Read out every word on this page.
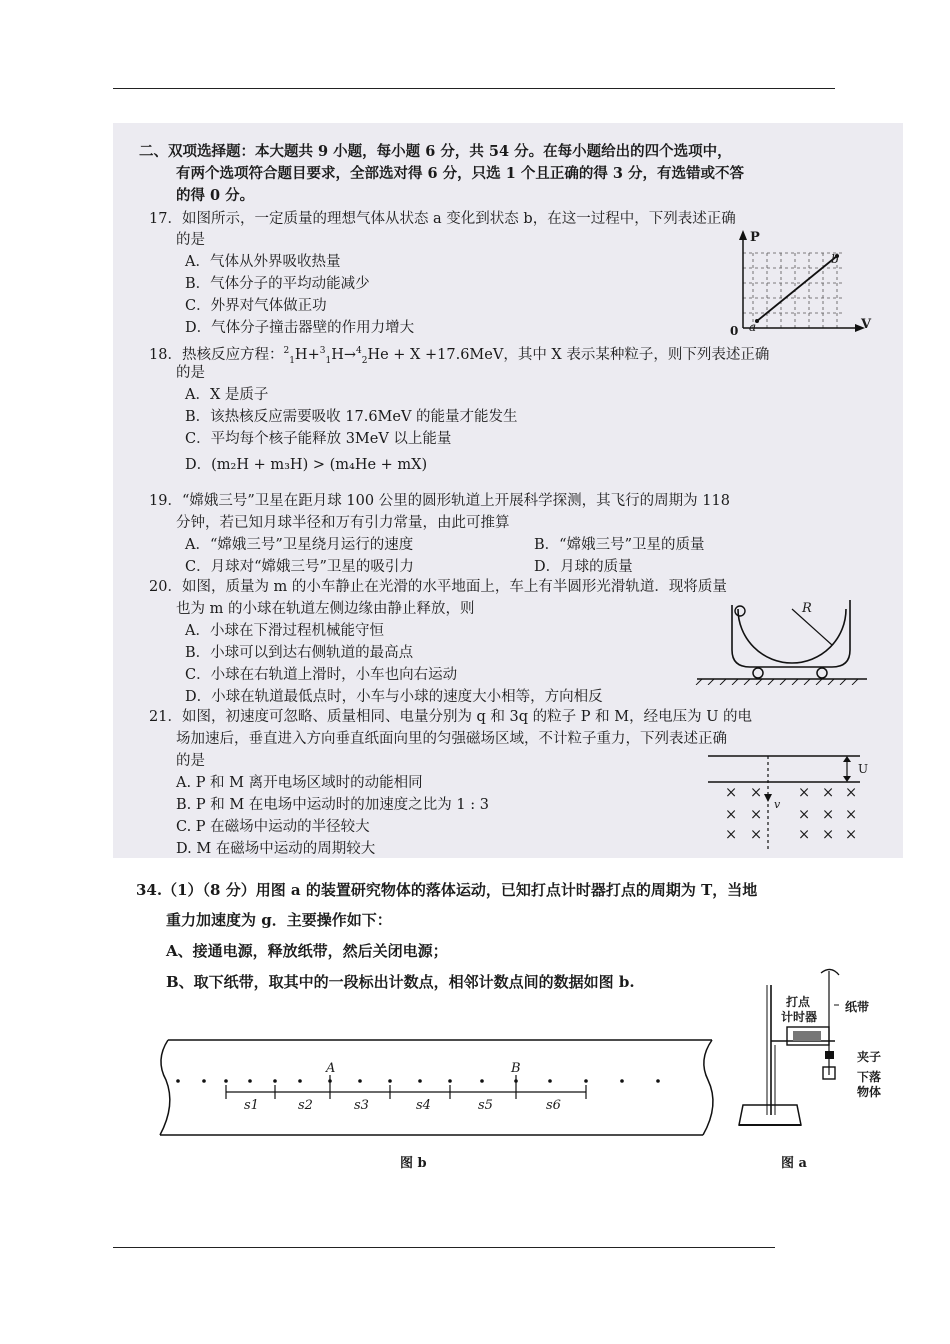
二、双项选择题：本大题共 9 小题，每小题 6 分，共 54 分。在每小题给出的四个选项中，
有两个选项符合题目要求，全部选对得 6 分，只选 1 个且正确的得 3 分，有选错或不答
的得 0 分。
17．如图所示，一定质量的理想气体从状态 a 变化到状态 b，在这一过程中，下列表述正确
的是
A．气体从外界吸收热量
B．气体分子的平均动能减少
C．外界对气体做正功
D．气体分子撞击器壁的作用力增大
P
V
0 a
b
18．热核反应方程：$^2_1$H+$^3_1$H→$^4_2$He + X +17.6MeV，其中 X 表示某种粒子，则下列表述正确
的是
A．X 是质子
B．该热核反应需要吸收 17.6MeV 的能量才能发生
C．平均每个核子能释放 3MeV 以上能量
D．(m₂H + m₃H) > (m₄He + mX)
19．“嫦娥三号”卫星在距月球 100 公里的圆形轨道上开展科学探测，其飞行的周期为 118
分钟，若已知月球半径和万有引力常量，由此可推算
A．“嫦娥三号”卫星绕月运行的速度	B．“嫦娥三号”卫星的质量
C．月球对“嫦娥三号”卫星的吸引力	D．月球的质量
20．如图，质量为 m 的小车静止在光滑的水平地面上，车上有半圆形光滑轨道．现将质量
也为 m 的小球在轨道左侧边缘由静止释放，则
A．小球在下滑过程机械能守恒
B．小球可以到达右侧轨道的最高点
C．小球在右轨道上滑时，小车也向右运动
D．小球在轨道最低点时，小车与小球的速度大小相等，方向相反
R
21．如图，初速度可忽略、质量相同、电量分别为 q 和 3q 的粒子 P 和 M，经电压为 U 的电
场加速后，垂直进入方向垂直纸面向里的匀强磁场区域，不计粒子重力，下列表述正确
的是
A. P 和 M 离开电场区域时的动能相同
B. P 和 M 在电场中运动时的加速度之比为 1 : 3
C. P 在磁场中运动的半径较大
D. M 在磁场中运动的周期较大
U
v
× × × × ×
× × × × ×
× × × × ×
34.（1）（8 分）用图 a 的装置研究物体的落体运动，已知打点计时器打点的周期为 T，当地
重力加速度为 g．主要操作如下：
A、接通电源，释放纸带，然后关闭电源；
B、取下纸带，取其中的一段标出计数点，相邻计数点间的数据如图 b.
A	B
s1	s2	s3	s4	s5	s6
图 b
打点
计时器
纸带
夹子
下落
物体
图 a
